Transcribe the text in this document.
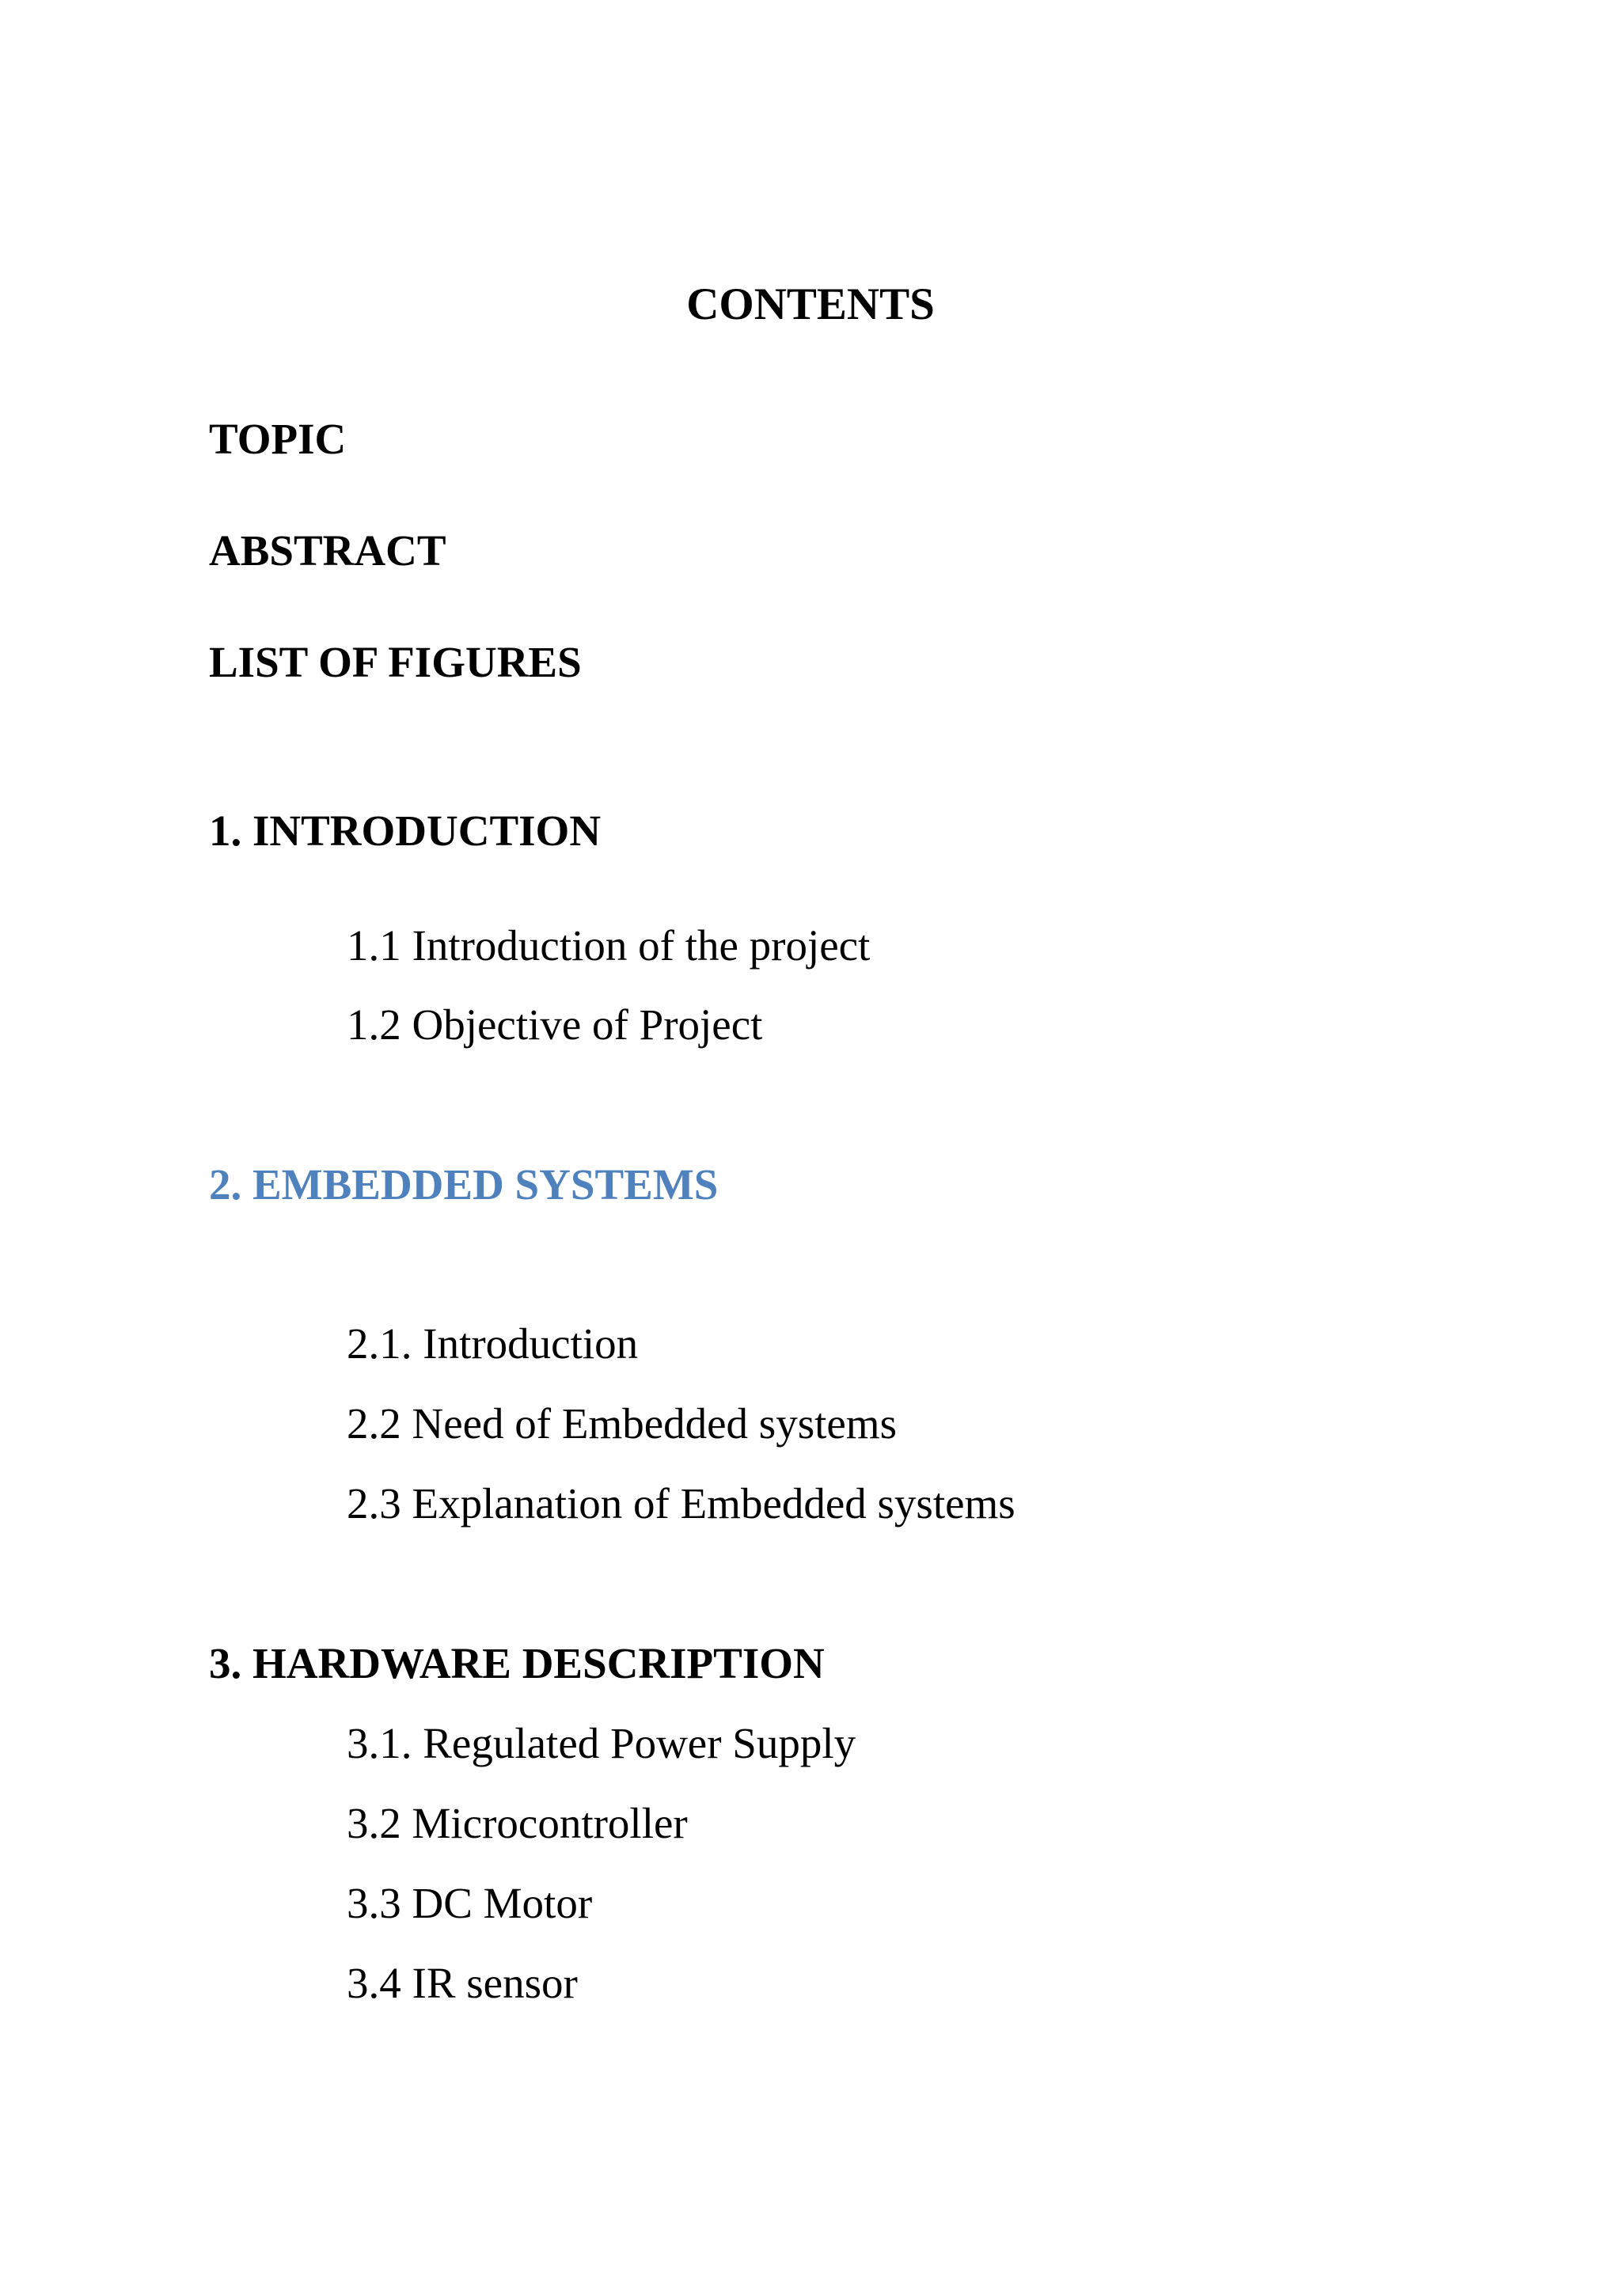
CONTENTS
TOPIC
ABSTRACT
LIST OF FIGURES
1. INTRODUCTION
1.1 Introduction of the project
1.2 Objective of Project
2. EMBEDDED SYSTEMS
2.1. Introduction
2.2 Need of Embedded systems
2.3 Explanation of Embedded systems
3. HARDWARE DESCRIPTION
3.1. Regulated Power Supply
3.2 Microcontroller
3.3 DC Motor
3.4 IR sensor
